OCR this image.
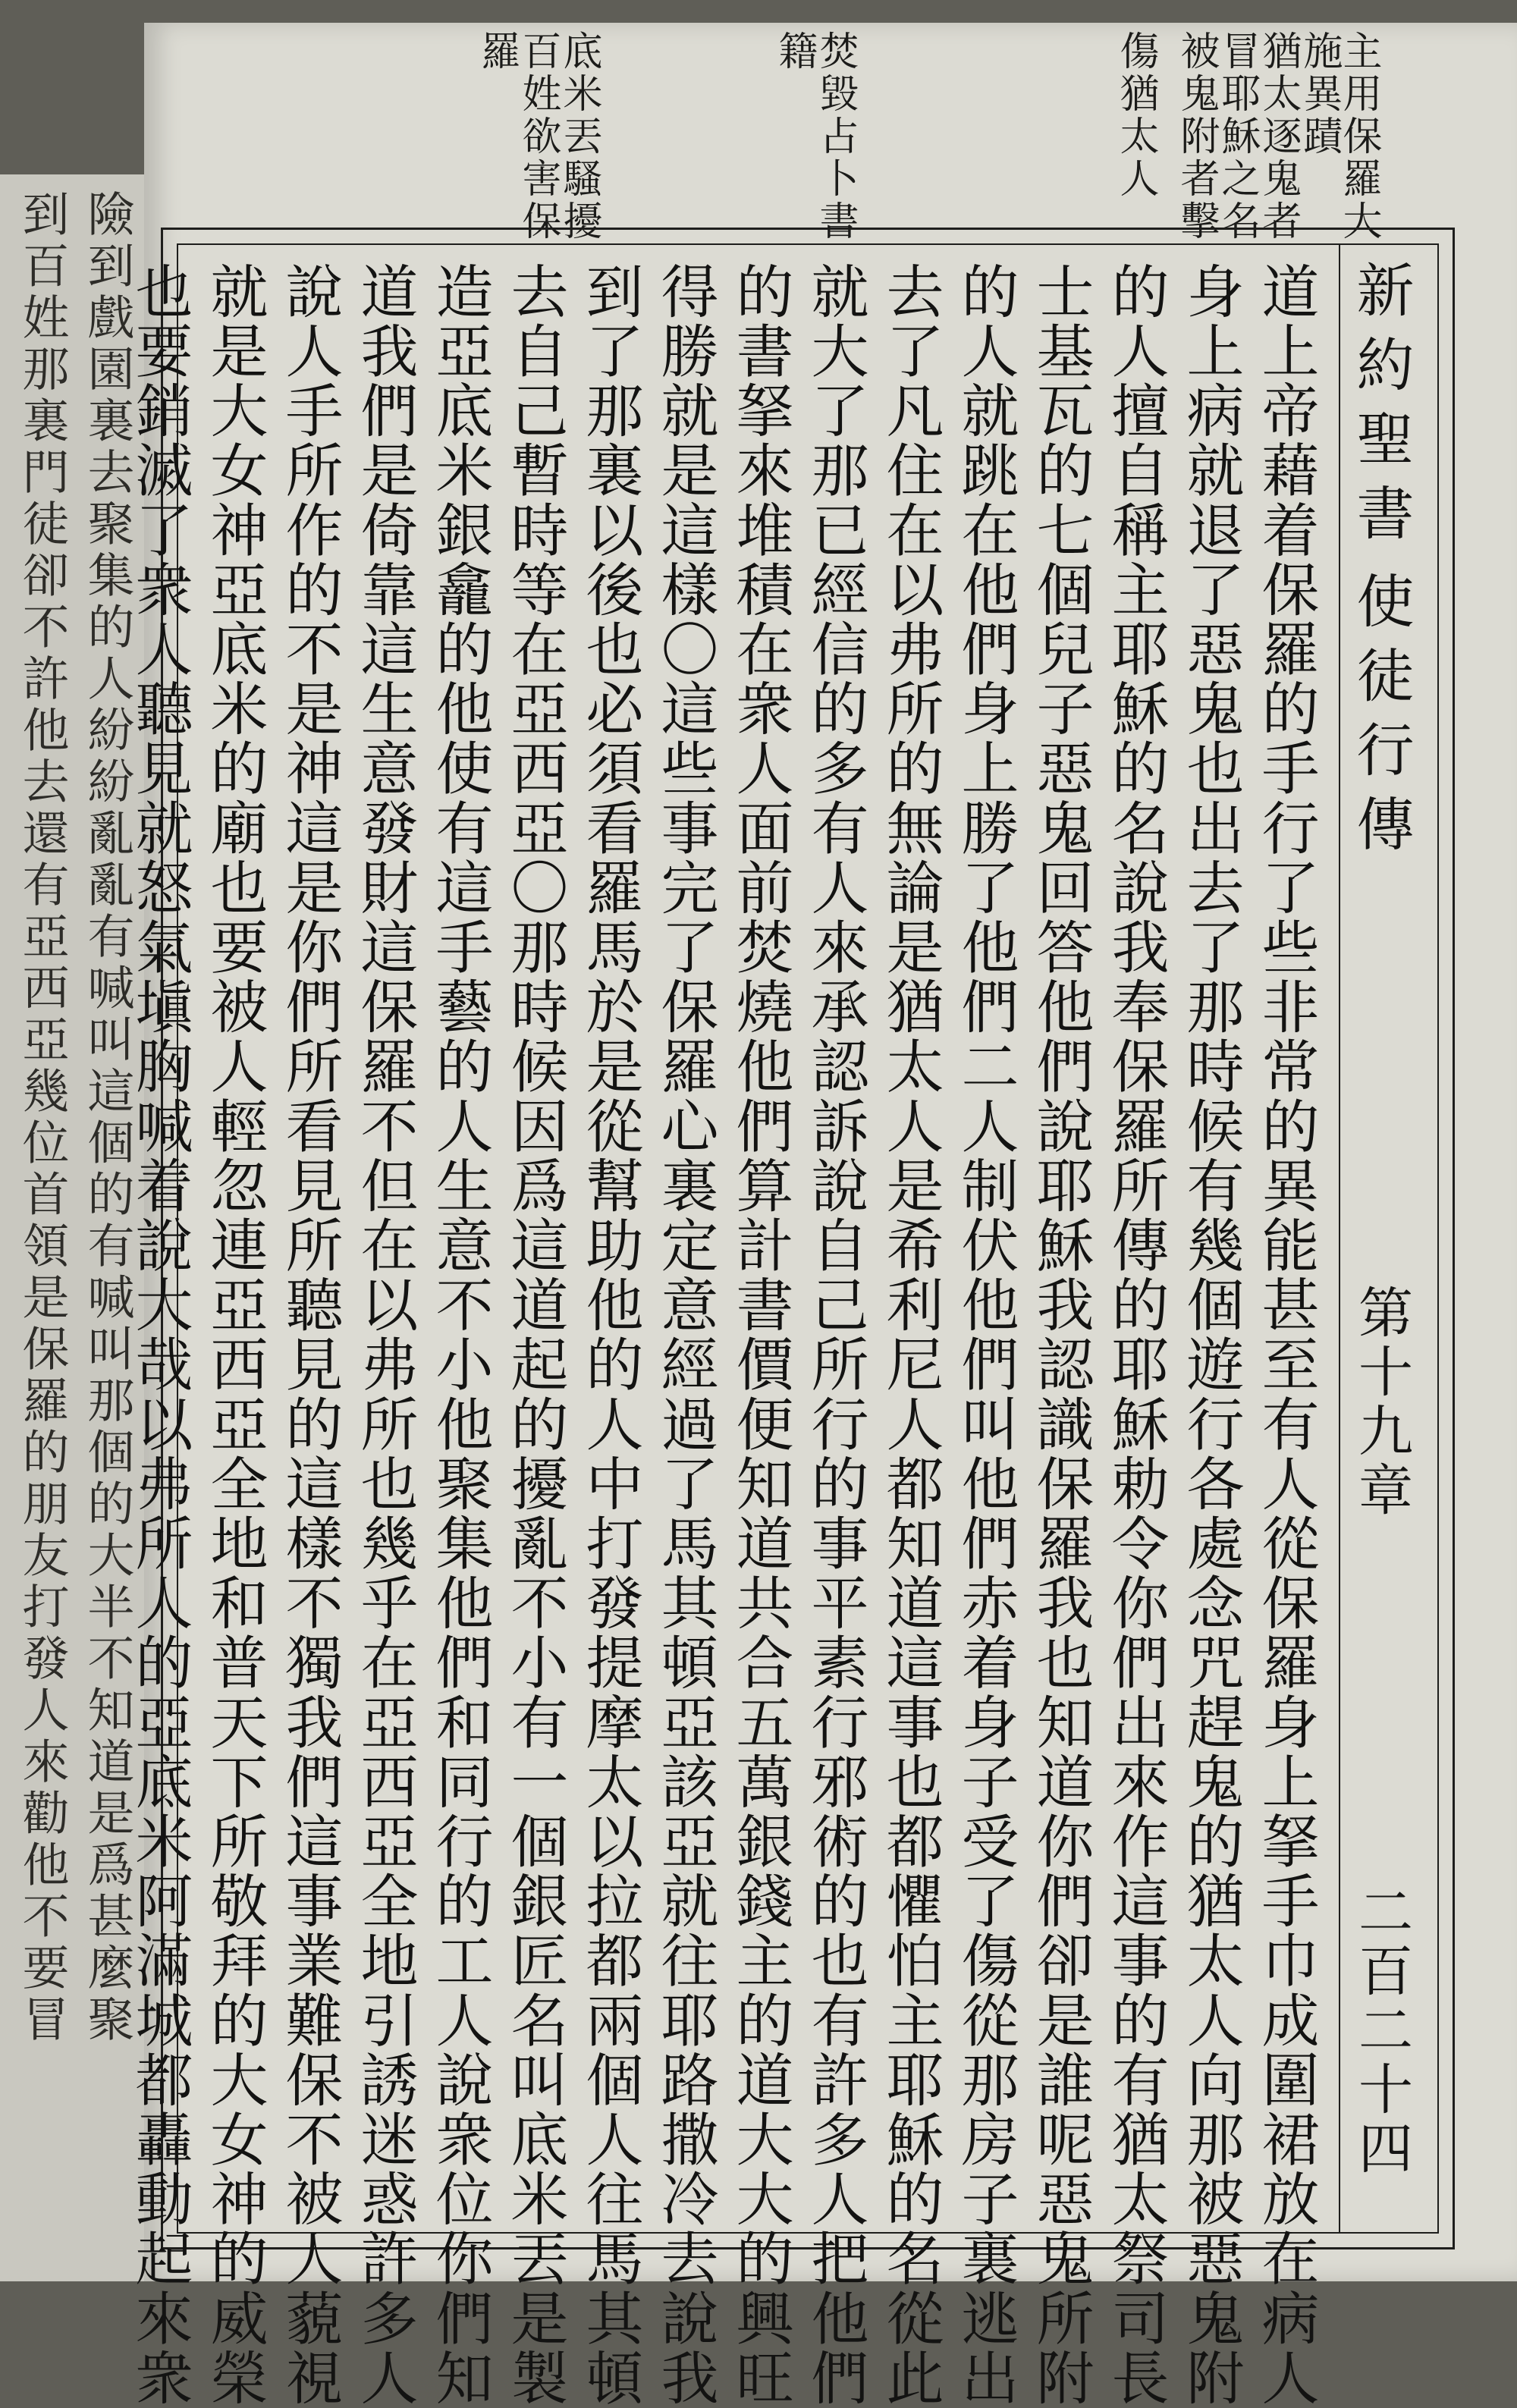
到百姓那裏門徒卻不許他去還有亞西亞幾位首領是保羅的朋友打發人來勸他不要冒 險到戲園裏去聚集的人紛紛亂亂有喊叫這個的有喊叫那個的大半不知道是爲甚麼聚
主用保羅大
施異蹟
猶太逐鬼者
冒耶穌之名
被鬼附者擊
傷猶太人
焚毀占卜書
籍
底米丟騷擾
百姓欲害保
羅
新約聖書
使徒行傳
第十九章
二百二十四
道上帝藉着保羅的手行了些非常的異能甚至有人從保羅身上拏手巾成圍裙放在病人
身上病就退了惡鬼也出去了那時候有幾個遊行各處念咒趕鬼的猶太人向那被惡鬼附
的人擅自稱主耶穌的名說我奉保羅所傳的耶穌勅令你們出來作這事的有猶太祭司長
士基瓦的七個兒子惡鬼回答他們說耶穌我認識保羅我也知道你們卻是誰呢惡鬼所附
的人就跳在他們身上勝了他們二人制伏他們叫他們赤着身子受了傷從那房子裏逃出
去了凡住在以弗所的無論是猶太人是希利尼人都知道這事也都懼怕主耶穌的名從此
就大了那已經信的多有人來承認訴說自己所行的事平素行邪術的也有許多人把他們
的書拏來堆積在衆人面前焚燒他們算計書價便知道共合五萬銀錢主的道大大的興旺
得勝就是這樣〇這些事完了保羅心裏定意經過了馬其頓亞該亞就往耶路撒冷去說我
到了那裏以後也必須看羅馬於是從幫助他的人中打發提摩太以拉都兩個人往馬其頓
去自己暫時等在亞西亞〇那時候因爲這道起的擾亂不小有一個銀匠名叫底米丟是製
造亞底米銀龕的他使有這手藝的人生意不小他聚集他們和同行的工人說衆位你們知
道我們是倚靠這生意發財這保羅不但在以弗所也幾乎在亞西亞全地引誘迷惑許多人
說人手所作的不是神這是你們所看見所聽見的這樣不獨我們這事業難保不被人藐視
就是大女神亞底米的廟也要被人輕忽連亞西亞全地和普天下所敬拜的大女神的威榮
也要銷滅了衆人聽見就怒氣塡胸喊着說大哉以弗所人的亞底米阿滿城都轟動起來衆
